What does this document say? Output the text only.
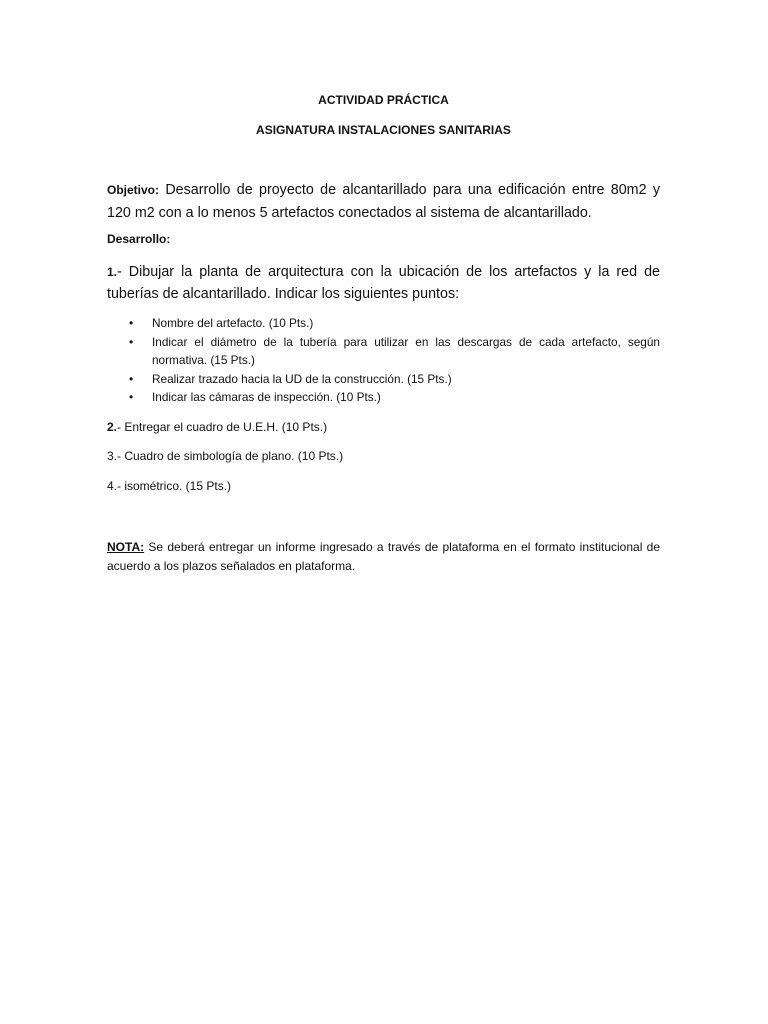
ACTIVIDAD PRÁCTICA
ASIGNATURA INSTALACIONES SANITARIAS
Objetivo: Desarrollo de proyecto de alcantarillado para una edificación entre 80m2 y 120 m2 con a lo menos 5 artefactos conectados al sistema de alcantarillado.
Desarrollo:
1.- Dibujar la planta de arquitectura con la ubicación de los artefactos y la red de tuberías de alcantarillado. Indicar los siguientes puntos:
• Nombre del artefacto. (10 Pts.)
• Indicar el diámetro de la tubería para utilizar en las descargas de cada artefacto, según normativa. (15 Pts.)
• Realizar trazado hacia la UD de la construcción. (15 Pts.)
• Indicar las cámaras de inspección. (10 Pts.)
2.- Entregar el cuadro de U.E.H. (10 Pts.)
3.- Cuadro de simbología de plano. (10 Pts.)
4.- isométrico. (15 Pts.)
NOTA: Se deberá entregar un informe ingresado a través de plataforma en el formato institucional de acuerdo a los plazos señalados en plataforma.
